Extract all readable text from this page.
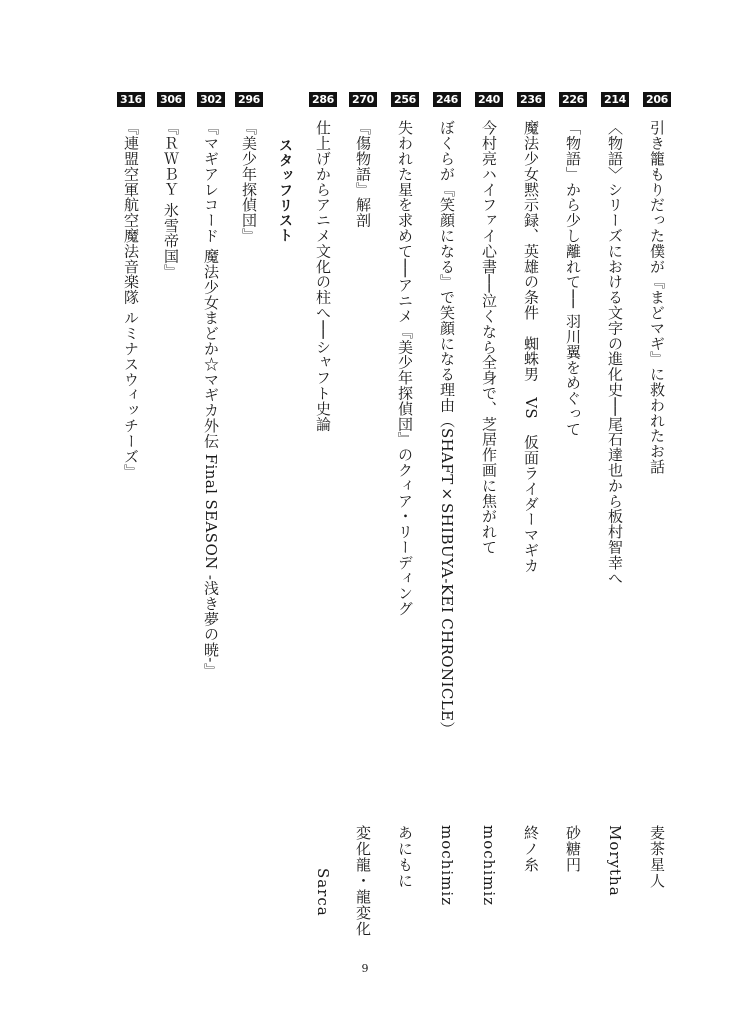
206
引き籠もりだった僕が『まどマギ』に救われたお話
麦茶星人
214
〈物語〉シリーズにおける文字の進化史──尾石達也から板村智幸へ
Morytha
226
「物語」から少し離れて── 羽川翼をめぐって
砂糖円
236
魔法少女黙示録、英雄の条件　蜘蛛男　VS　仮面ライダーマギカ
終ノ糸
240
今村亮ハイファイ心書──泣くなら全身で、芝居作画に焦がれて
mochimiz
246
ぼくらが『笑顔になる』で笑顔になる理由（SHAFT×SHIBUYA-KEI CHRONICLE）
mochimiz
256
失われた星を求めて──アニメ『美少年探偵団』のクィア・リーディング
あにもに
270
『傷物語』解剖
変化龍・龍変化
286
仕上げからアニメ文化の柱へ──シャフト史論
Sarca
スタッフリスト
296
『美少年探偵団』
302
『マギアレコード 魔法少女まどか☆マギカ外伝 Final SEASON -浅き夢の暁-』
306
『ＲＷＢＹ 氷雪帝国』
316
『連盟空軍航空魔法音楽隊 ルミナスウィッチーズ』
9
